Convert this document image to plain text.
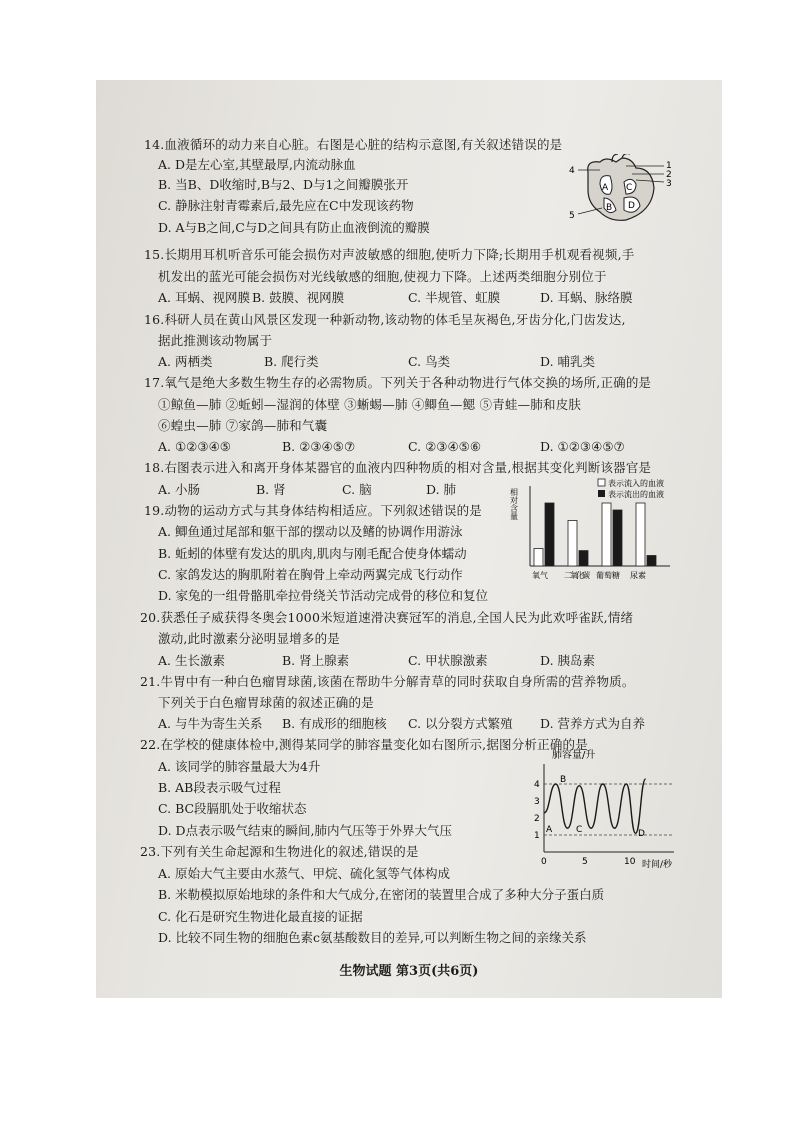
14.血液循环的动力来自心脏。右图是心脏的结构示意图,有关叙述错误的是
A. D是左心室,其壁最厚,内流动脉血
B. 当B、D收缩时,B与2、D与1之间瓣膜张开
C. 静脉注射青霉素后,最先应在C中发现该药物
D. A与B之间,C与D之间具有防止血液倒流的瓣膜
4	1
2
3
5
A
B
C
D
15.长期用耳机听音乐可能会损伤对声波敏感的细胞,使听力下降;长期用手机观看视频,手
机发出的蓝光可能会损伤对光线敏感的细胞,使视力下降。上述两类细胞分别位于
A. 耳蜗、视网膜 B. 鼓膜、视网膜	C. 半规管、虹膜	D. 耳蜗、脉络膜
16.科研人员在黄山风景区发现一种新动物,该动物的体毛呈灰褐色,牙齿分化,门齿发达,
据此推测该动物属于
A. 两栖类	B. 爬行类	C. 鸟类	D. 哺乳类
17.氧气是绝大多数生物生存的必需物质。下列关于各种动物进行气体交换的场所,正确的是
①鲸鱼—肺 ②蚯蚓—湿润的体壁 ③蜥蜴—肺 ④鲫鱼—鳃 ⑤青蛙—肺和皮肤
⑥蝗虫—肺 ⑦家鸽—肺和气囊
A. ①②③④⑤	B. ②③④⑤⑦	C. ②③④⑤⑥	D. ①②③④⑤⑦
18.右图表示进入和离开身体某器官的血液内四种物质的相对含量,根据其变化判断该器官是
A. 小肠	B. 肾	C. 脑	D. 肺	相对含量
表示流入的血液
表示流出的血液
氧气 二氧化碳 葡萄糖 尿素
19.动物的运动方式与其身体结构相适应。下列叙述错误的是
A. 鲫鱼通过尾部和躯干部的摆动以及鳍的协调作用游泳
B. 蚯蚓的体壁有发达的肌肉,肌肉与刚毛配合使身体蠕动
C. 家鸽发达的胸肌附着在胸骨上牵动两翼完成飞行动作
D. 家兔的一组骨骼肌牵拉骨绕关节活动完成骨的移位和复位
20.获悉任子威获得冬奥会1000米短道速滑决赛冠军的消息,全国人民为此欢呼雀跃,情绪
激动,此时激素分泌明显增多的是
A. 生长激素	B. 肾上腺素	C. 甲状腺激素	D. 胰岛素
21.牛胃中有一种白色瘤胃球菌,该菌在帮助牛分解青草的同时获取自身所需的营养物质。
下列关于白色瘤胃球菌的叙述正确的是
A. 与牛为寄生关系 B. 有成形的细胞核 C. 以分裂方式繁殖 D. 营养方式为自养
22.在学校的健康体检中,测得某同学的肺容量变化如右图所示,据图分析正确的是
A. 该同学的肺容量最大为4升
B. AB段表示吸气过程
C. BC段膈肌处于收缩状态
D. D点表示吸气结束的瞬间,肺内气压等于外界大气压
肺容量/升
1
2
3
4
0	5	10 时间/秒
A
B
C	D
23.下列有关生命起源和生物进化的叙述,错误的是
A. 原始大气主要由水蒸气、甲烷、硫化氢等气体构成
B. 米勒模拟原始地球的条件和大气成分,在密闭的装置里合成了多种大分子蛋白质
C. 化石是研究生物进化最直接的证据
D. 比较不同生物的细胞色素c氨基酸数目的差异,可以判断生物之间的亲缘关系
生物试题 第3页(共6页)
